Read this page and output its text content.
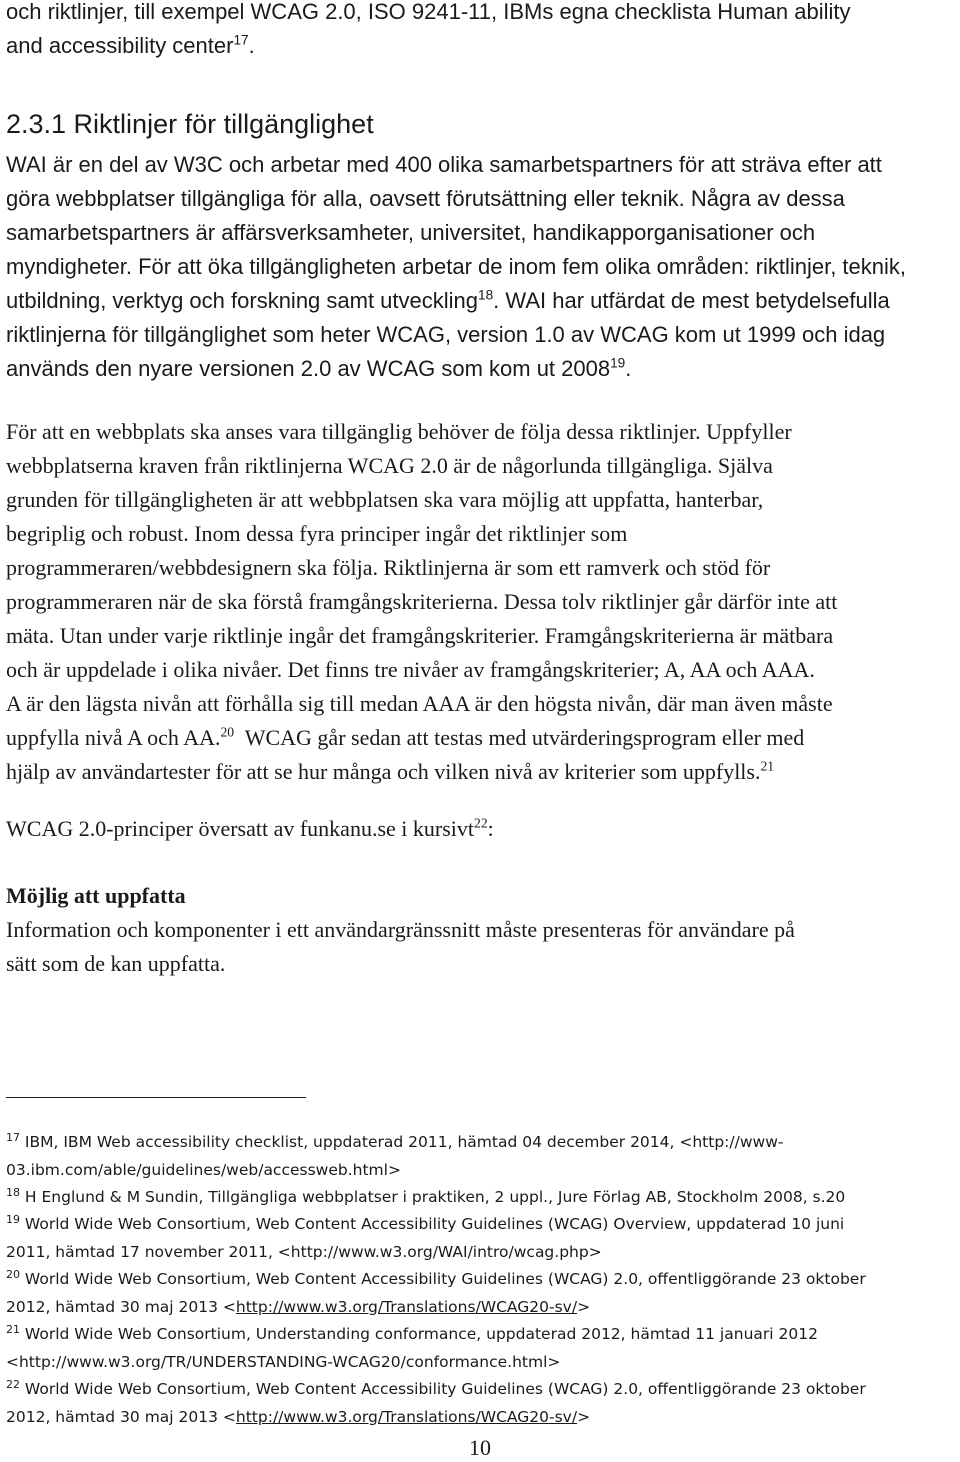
och riktlinjer, till exempel WCAG 2.0, ISO 9241-11, IBMs egna checklista Human ability
and accessibility center$^{17}$.
2.3.1 Riktlinjer för tillgänglighet
WAI är en del av W3C och arbetar med 400 olika samarbetspartners för att sträva efter att
göra webbplatser tillgängliga för alla, oavsett förutsättning eller teknik. Några av dessa
samarbetspartners är affärsverksamheter, universitet, handikapporganisationer och
myndigheter. För att öka tillgängligheten arbetar de inom fem olika områden: riktlinjer, teknik,
utbildning, verktyg och forskning samt utveckling$^{18}$. WAI har utfärdat de mest betydelsefulla
riktlinjerna för tillgänglighet som heter WCAG, version 1.0 av WCAG kom ut 1999 och idag
används den nyare versionen 2.0 av WCAG som kom ut 2008$^{19}$.
För att en webbplats ska anses vara tillgänglig behöver de följa dessa riktlinjer. Uppfyller
webbplatserna kraven från riktlinjerna WCAG 2.0 är de någorlunda tillgängliga. Själva
grunden för tillgängligheten är att webbplatsen ska vara möjlig att uppfatta, hanterbar,
begriplig och robust. Inom dessa fyra principer ingår det riktlinjer som
programmeraren/webbdesignern ska följa. Riktlinjerna är som ett ramverk och stöd för
programmeraren när de ska förstå framgångskriterierna. Dessa tolv riktlinjer går därför inte att
mäta. Utan under varje riktlinje ingår det framgångskriterier. Framgångskriterierna är mätbara
och är uppdelade i olika nivåer. Det finns tre nivåer av framgångskriterier; A, AA och AAA.
A är den lägsta nivån att förhålla sig till medan AAA är den högsta nivån, där man även måste
uppfylla nivå A och AA.$^{20}$  WCAG går sedan att testas med utvärderingsprogram eller med
hjälp av användartester för att se hur många och vilken nivå av kriterier som uppfylls.$^{21}$
WCAG 2.0-principer översatt av funkanu.se i kursivt$^{22}$:
Möjlig att uppfatta
Information och komponenter i ett användargränssnitt måste presenteras för användare på
sätt som de kan uppfatta.
$^{17}$ IBM, IBM Web accessibility checklist, uppdaterad 2011, hämtad 04 december 2014, <http://www-
03.ibm.com/able/guidelines/web/accessweb.html>
$^{18}$ H Englund & M Sundin, Tillgängliga webbplatser i praktiken, 2 uppl., Jure Förlag AB, Stockholm 2008, s.20
$^{19}$ World Wide Web Consortium, Web Content Accessibility Guidelines (WCAG) Overview, uppdaterad 10 juni
2011, hämtad 17 november 2011, <http://www.w3.org/WAI/intro/wcag.php>
$^{20}$ World Wide Web Consortium, Web Content Accessibility Guidelines (WCAG) 2.0, offentliggörande 23 oktober
2012, hämtad 30 maj 2013 <http://www.w3.org/Translations/WCAG20-sv/>
$^{21}$ World Wide Web Consortium, Understanding conformance, uppdaterad 2012, hämtad 11 januari 2012
<http://www.w3.org/TR/UNDERSTANDING-WCAG20/conformance.html>
$^{22}$ World Wide Web Consortium, Web Content Accessibility Guidelines (WCAG) 2.0, offentliggörande 23 oktober
2012, hämtad 30 maj 2013 <http://www.w3.org/Translations/WCAG20-sv/>
10
